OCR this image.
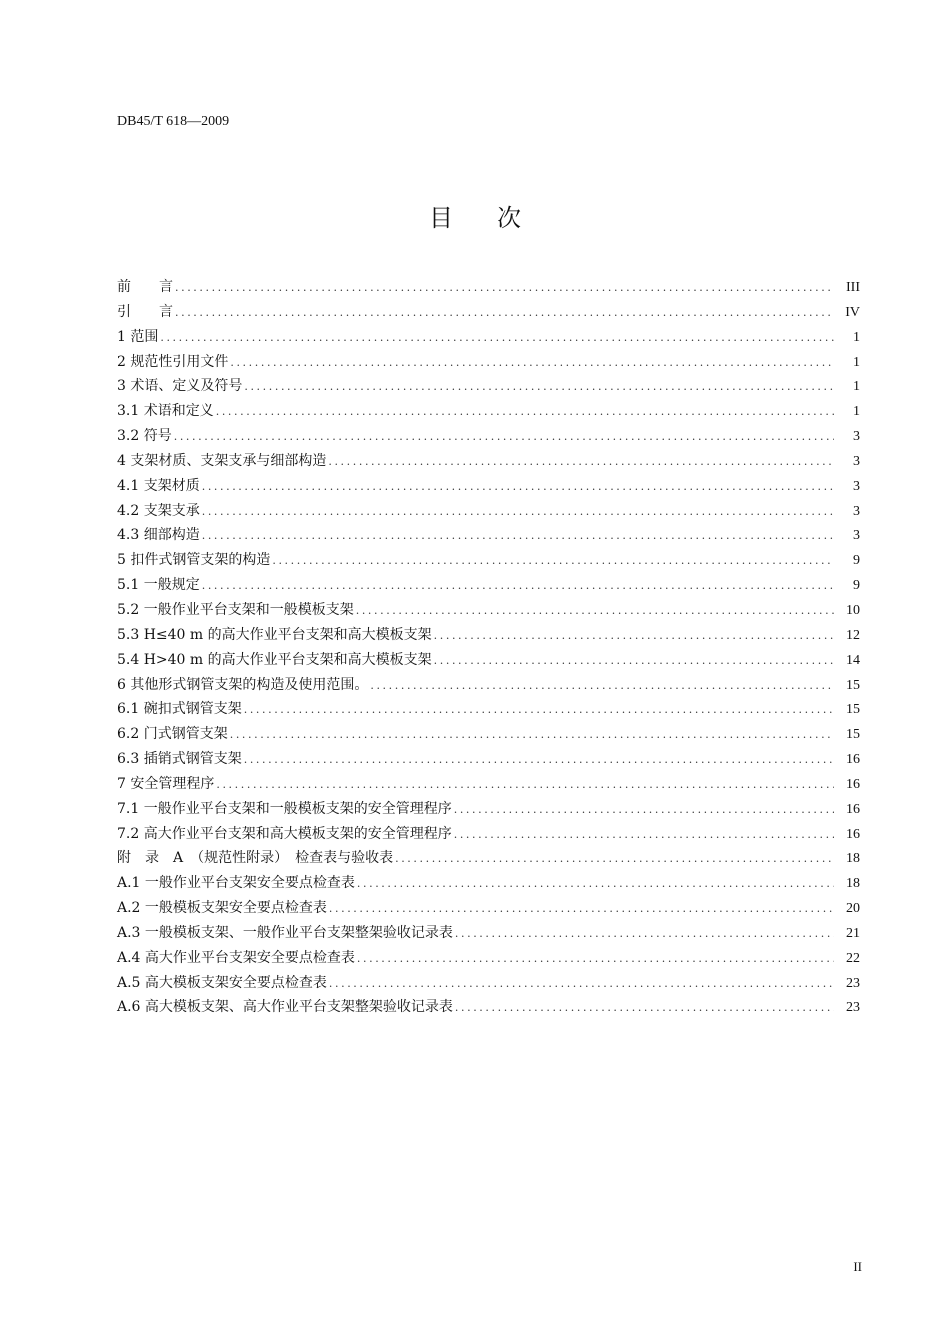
DB45/T 618—2009
目次
前　　言 .....	III
引　　言 .....	IV
1 范围 .....	1
2 规范性引用文件 .....	1
3 术语、定义及符号 .....	1
3.1 术语和定义 .....	1
3.2 符号 .....	3
4 支架材质、支架支承与细部构造 .....	3
4.1 支架材质 .....	3
4.2 支架支承 .....	3
4.3 细部构造 .....	3
5 扣件式钢管支架的构造 .....	9
5.1 一般规定 .....	9
5.2 一般作业平台支架和一般模板支架 .....	10
5.3 H≤40 m 的高大作业平台支架和高大模板支架 .....	12
5.4 H>40 m 的高大作业平台支架和高大模板支架 .....	14
6 其他形式钢管支架的构造及使用范围。 .....	15
6.1 碗扣式钢管支架 .....	15
6.2 门式钢管支架 .....	15
6.3 插销式钢管支架 .....	16
7 安全管理程序 .....	16
7.1 一般作业平台支架和一般模板支架的安全管理程序 .....	16
7.2 高大作业平台支架和高大模板支架的安全管理程序 .....	16
附　录　A　（规范性附录）　检查表与验收表 .....	18
A.1 一般作业平台支架安全要点检查表 .....	18
A.2 一般模板支架安全要点检查表 .....	20
A.3 一般模板支架、一般作业平台支架整架验收记录表 .....	21
A.4 高大作业平台支架安全要点检查表 .....	22
A.5 高大模板支架安全要点检查表 .....	23
A.6 高大模板支架、高大作业平台支架整架验收记录表 .....	23
II
